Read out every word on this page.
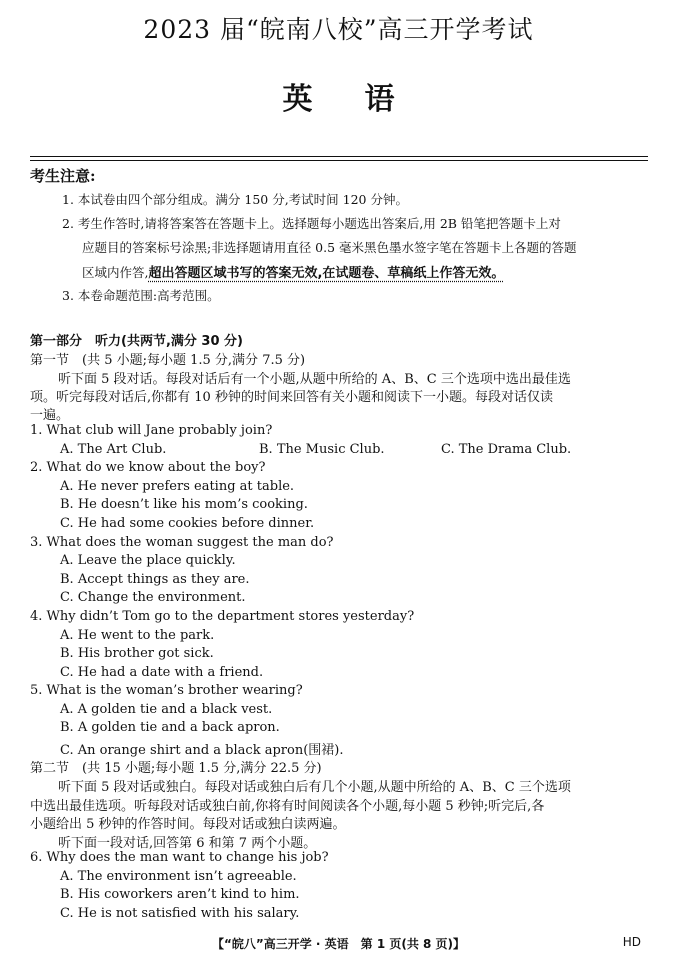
2023 届“皖南八校”高三开学考试
英 语
考生注意:
1. 本试卷由四个部分组成。满分 150 分,考试时间 120 分钟。
2. 考生作答时,请将答案答在答题卡上。选择题每小题选出答案后,用 2B 铅笔把答题卡上对
应题目的答案标号涂黑;非选择题请用直径 0.5 毫米黑色墨水签字笔在答题卡上各题的答题
区域内作答,超出答题区域书写的答案无效,在试题卷、草稿纸上作答无效。
3. 本卷命题范围:高考范围。
第一部分　听力(共两节,满分 30 分)
第一节　(共 5 小题;每小题 1.5 分,满分 7.5 分)
听下面 5 段对话。每段对话后有一个小题,从题中所给的 A、B、C 三个选项中选出最佳选
项。听完每段对话后,你都有 10 秒钟的时间来回答有关小题和阅读下一小题。每段对话仅读
一遍。
1. What club will Jane probably join?
A. The Art Club.	B. The Music Club.	C. The Drama Club.
2. What do we know about the boy?
A. He never prefers eating at table.
B. He doesn’t like his mom’s cooking.
C. He had some cookies before dinner.
3. What does the woman suggest the man do?
A. Leave the place quickly.
B. Accept things as they are.
C. Change the environment.
4. Why didn’t Tom go to the department stores yesterday?
A. He went to the park.
B. His brother got sick.
C. He had a date with a friend.
5. What is the woman’s brother wearing?
A. A golden tie and a black vest.
B. A golden tie and a back apron.
C. An orange shirt and a black apron(围裙).
第二节　(共 15 小题;每小题 1.5 分,满分 22.5 分)
听下面 5 段对话或独白。每段对话或独白后有几个小题,从题中所给的 A、B、C 三个选项
中选出最佳选项。听每段对话或独白前,你将有时间阅读各个小题,每小题 5 秒钟;听完后,各
小题给出 5 秒钟的作答时间。每段对话或独白读两遍。
听下面一段对话,回答第 6 和第 7 两个小题。
6. Why does the man want to change his job?
A. The environment isn’t agreeable.
B. His coworkers aren’t kind to him.
C. He is not satisfied with his salary.
【“皖八”高三开学 · 英语　第 1 页(共 8 页)】	HD
